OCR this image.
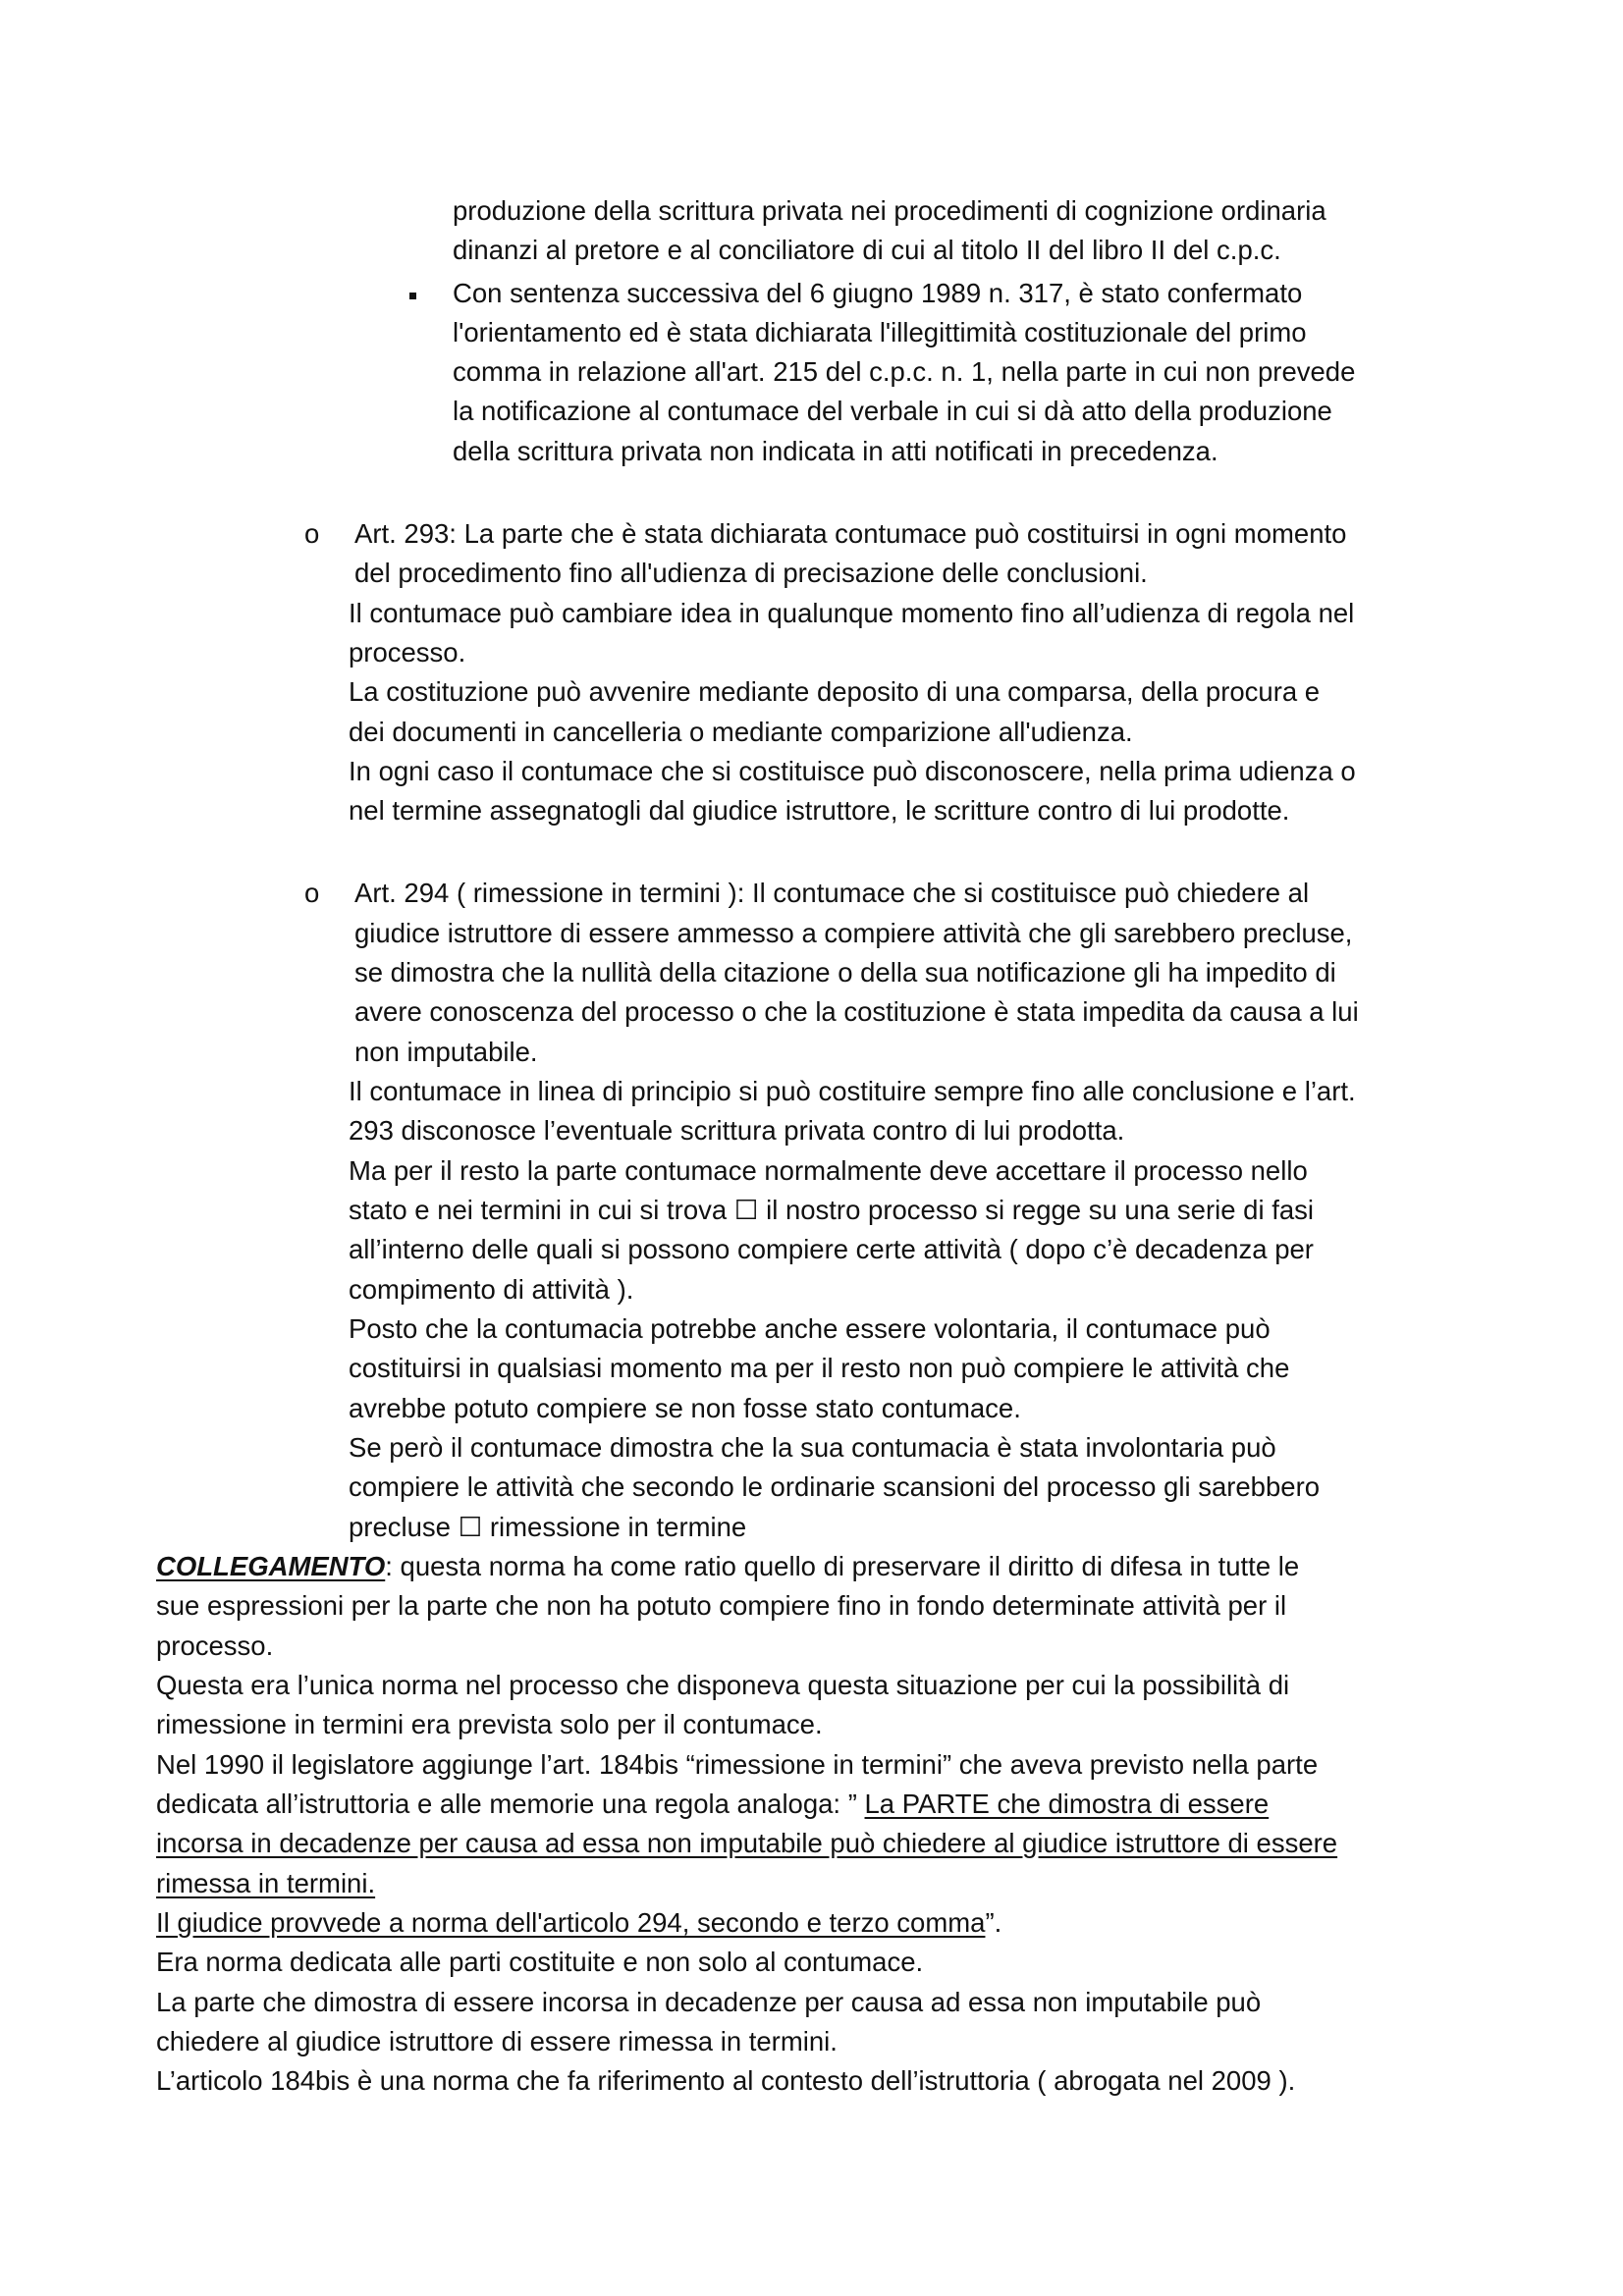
produzione della scrittura privata nei procedimenti di cognizione ordinaria
dinanzi al pretore e al conciliatore di cui al titolo II del libro II del c.p.c.
Con sentenza successiva del 6 giugno 1989 n. 317, è stato confermato
l'orientamento ed è stata dichiarata l'illegittimità costituzionale del primo
comma in relazione all'art. 215 del c.p.c. n. 1, nella parte in cui non prevede
la notificazione al contumace del verbale in cui si dà atto della produzione
della scrittura privata non indicata in atti notificati in precedenza.
o Art. 293: La parte che è stata dichiarata contumace può costituirsi in ogni momento
del procedimento fino all'udienza di precisazione delle conclusioni.
Il contumace può cambiare idea in qualunque momento fino all’udienza di regola nel
processo.
La costituzione può avvenire mediante deposito di una comparsa, della procura e
dei documenti in cancelleria o mediante comparizione all'udienza.
In ogni caso il contumace che si costituisce può disconoscere, nella prima udienza o
nel termine assegnatogli dal giudice istruttore, le scritture contro di lui prodotte.
o Art. 294 ( rimessione in termini ): Il contumace che si costituisce può chiedere al
giudice istruttore di essere ammesso a compiere attività che gli sarebbero precluse,
se dimostra che la nullità della citazione o della sua notificazione gli ha impedito di
avere conoscenza del processo o che la costituzione è stata impedita da causa a lui
non imputabile.
Il contumace in linea di principio si può costituire sempre fino alle conclusione e l’art.
293 disconosce l’eventuale scrittura privata contro di lui prodotta.
Ma per il resto la parte contumace normalmente deve accettare il processo nello
stato e nei termini in cui si trova ☐ il nostro processo si regge su una serie di fasi
all’interno delle quali si possono compiere certe attività ( dopo c’è decadenza per
compimento di attività ).
Posto che la contumacia potrebbe anche essere volontaria, il contumace può
costituirsi in qualsiasi momento ma per il resto non può compiere le attività che
avrebbe potuto compiere se non fosse stato contumace.
Se però il contumace dimostra che la sua contumacia è stata involontaria può
compiere le attività che secondo le ordinarie scansioni del processo gli sarebbero
precluse ☐ rimessione in termine
COLLEGAMENTO: questa norma ha come ratio quello di preservare il diritto di difesa in tutte le
sue espressioni per la parte che non ha potuto compiere fino in fondo determinate attività per il
processo.
Questa era l’unica norma nel processo che disponeva questa situazione per cui la possibilità di
rimessione in termini era prevista solo per il contumace.
Nel 1990 il legislatore aggiunge l’art. 184bis “rimessione in termini” che aveva previsto nella parte
dedicata all’istruttoria e alle memorie una regola analoga: ” La PARTE che dimostra di essere
incorsa in decadenze per causa ad essa non imputabile può chiedere al giudice istruttore di essere
rimessa in termini.
Il giudice provvede a norma dell'articolo 294, secondo e terzo comma”.
Era norma dedicata alle parti costituite e non solo al contumace.
La parte che dimostra di essere incorsa in decadenze per causa ad essa non imputabile può
chiedere al giudice istruttore di essere rimessa in termini.
L’articolo 184bis è una norma che fa riferimento al contesto dell’istruttoria ( abrogata nel 2009 ).
